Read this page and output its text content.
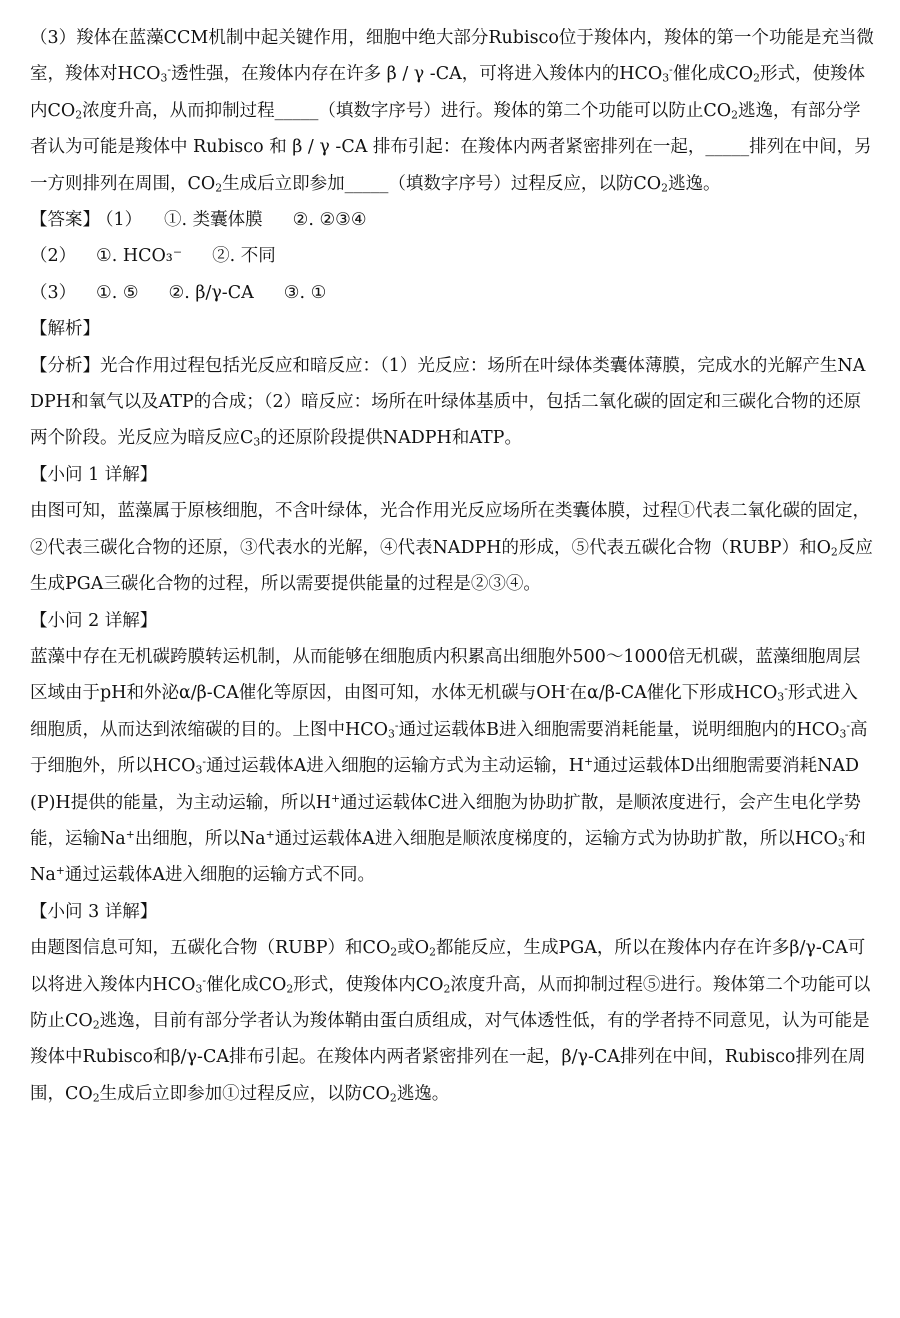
（3）羧体在蓝藻CCM机制中起关键作用，细胞中绝大部分Rubisco位于羧体内，羧体的第一个功能是充当微室，羧体对$HCO_3^-$透性强，在羧体内存在许多 β / γ -CA，可将进入羧体内的$HCO_3^-$催化成$CO_2$形式，使羧体内$CO_2$浓度升高，从而抑制过程_____（填数字序号）进行。羧体的第二个功能可以防止$CO_2$逃逸，有部分学者认为可能是羧体中 Rubisco 和 β / γ -CA 排布引起：在羧体内两者紧密排列在一起，_____排列在中间，另一方则排列在周围，$CO_2$生成后立即参加_____（填数字序号）过程反应，以防$CO_2$逃逸。

【答案】
（1）	①. 类囊体膜 ②. ②③④
（2）	①. HCO₃⁻ ②. 不同
（3）	①. ⑤ ②. β/γ-CA ③. ①

【解析】

【分析】光合作用过程包括光反应和暗反应：（1）光反应：场所在叶绿体类囊体薄膜，完成水的光解产生NADPH和氧气以及ATP的合成；（2）暗反应：场所在叶绿体基质中，包括二氧化碳的固定和三碳化合物的还原两个阶段。光反应为暗反应$C_3$的还原阶段提供NADPH和ATP。

【小问 1 详解】

由图可知，蓝藻属于原核细胞，不含叶绿体，光合作用光反应场所在类囊体膜，过程①代表二氧化碳的固定，②代表三碳化合物的还原，③代表水的光解，④代表NADPH的形成，⑤代表五碳化合物（RUBP）和$O_2$反应生成PGA三碳化合物的过程，所以需要提供能量的过程是②③④。

【小问 2 详解】

蓝藻中存在无机碳跨膜转运机制，从而能够在细胞质内积累高出细胞外500～1000倍无机碳，蓝藻细胞周层区域由于pH和外泌α/β-CA催化等原因，由图可知，水体无机碳与OH-在α/β-CA催化下形成$HCO_3^-$形式进入细胞质，从而达到浓缩碳的目的。上图中$HCO_3^-$通过运载体B进入细胞需要消耗能量，说明细胞内的$HCO_3^-$高于细胞外，所以$HCO_3^-$通过运载体A进入细胞的运输方式为主动运输，H+通过运载体D出细胞需要消耗NAD(P)H提供的能量，为主动运输，所以H+通过运载体C进入细胞为协助扩散，是顺浓度进行，会产生电化学势能，运输Na+出细胞，所以Na+通过运载体A进入细胞是顺浓度梯度的，运输方式为协助扩散，所以$HCO_3^-$和Na+通过运载体A进入细胞的运输方式不同。

【小问 3 详解】

由题图信息可知，五碳化合物（RUBP）和$CO_2$或$O_2$都能反应，生成PGA，所以在羧体内存在许多β/γ-CA可以将进入羧体内$HCO_3^-$催化成$CO_2$形式，使羧体内$CO_2$浓度升高，从而抑制过程⑤进行。羧体第二个功能可以防止$CO_2$逃逸，目前有部分学者认为羧体鞘由蛋白质组成，对气体透性低，有的学者持不同意见，认为可能是羧体中Rubisco和β/γ-CA排布引起。在羧体内两者紧密排列在一起，β/γ-CA排列在中间，Rubisco排列在周围，$CO_2$生成后立即参加①过程反应，以防$CO_2$逃逸。
